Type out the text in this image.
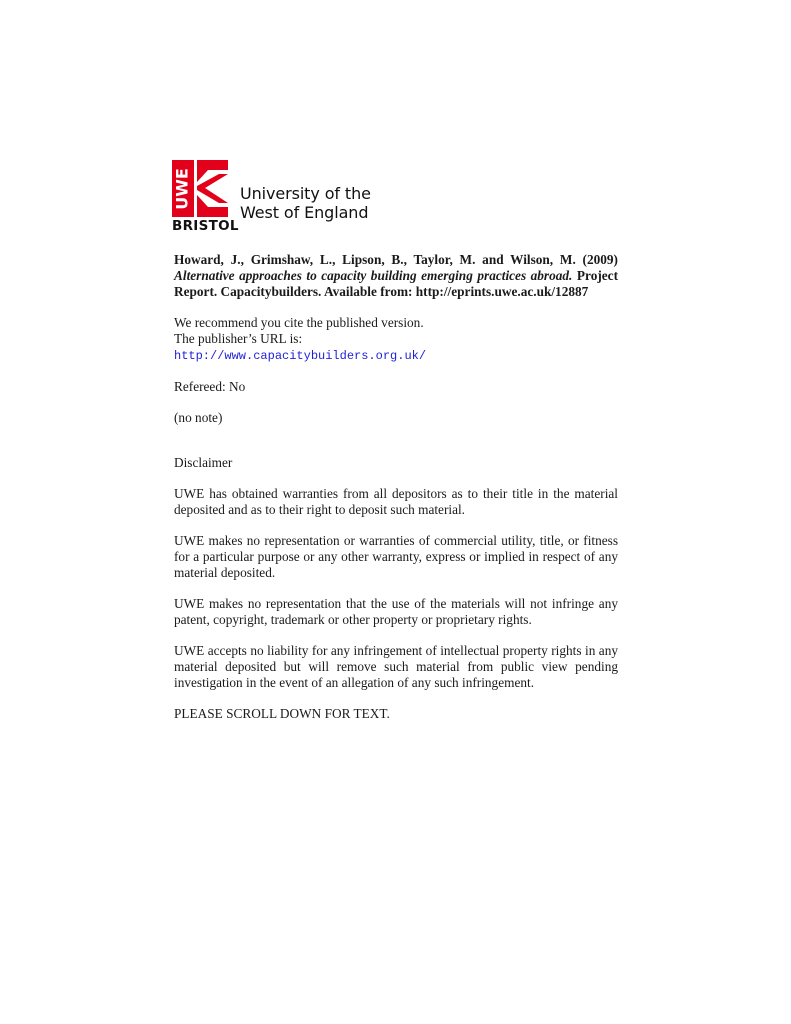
UWE	University of the
West of England
BRISTOL

Howard, J., Grimshaw, L., Lipson, B., Taylor, M. and Wilson, M. (2009) Alternative approaches to capacity building emerging practices abroad. Project Report. Capacitybuilders. Available from: http://eprints.uwe.ac.uk/12887

We recommend you cite the published version.

The publisher’s URL is:

http://www.capacitybuilders.org.uk/

Refereed: No

(no note)

Disclaimer

UWE has obtained warranties from all depositors as to their title in the material deposited and as to their right to deposit such material.

UWE makes no representation or warranties of commercial utility, title, or fitness for a particular purpose or any other warranty, express or implied in respect of any material deposited.

UWE makes no representation that the use of the materials will not infringe any patent, copyright, trademark or other property or proprietary rights.

UWE accepts no liability for any infringement of intellectual property rights in any material deposited but will remove such material from public view pending investigation in the event of an allegation of any such infringement.

PLEASE SCROLL DOWN FOR TEXT.
